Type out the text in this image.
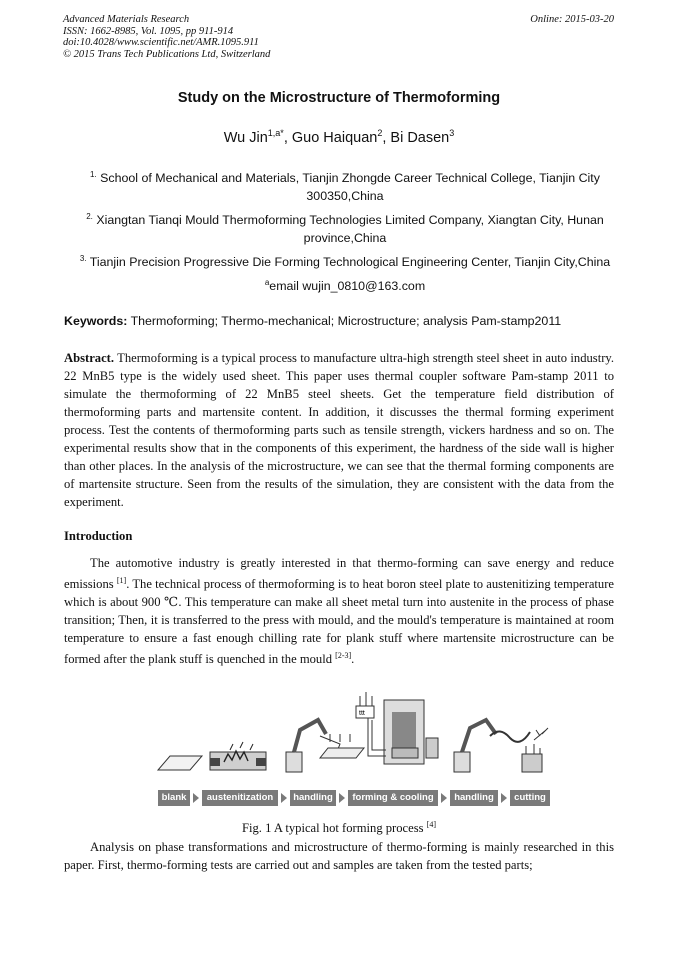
Advanced Materials Research
ISSN: 1662-8985, Vol. 1095, pp 911-914
doi:10.4028/www.scientific.net/AMR.1095.911
© 2015 Trans Tech Publications Ltd, Switzerland
Online: 2015-03-20
Study on the Microstructure of Thermoforming
Wu Jin$^{1,a*}$, Guo Haiquan$^2$, Bi Dasen$^3$
$^{1.}$ School of Mechanical and Materials, Tianjin Zhongde Career Technical College, Tianjin City 300350,China
$^{2.}$ Xiangtan Tianqi Mould Thermoforming Technologies Limited Company, Xiangtan City, Hunan province,China
$^{3.}$ Tianjin Precision Progressive Die Forming Technological Engineering Center, Tianjin City,China
$^a$email wujin_0810@163.com
Keywords: Thermoforming; Thermo-mechanical; Microstructure; analysis Pam-stamp2011
Abstract. Thermoforming is a typical process to manufacture ultra-high strength steel sheet in auto industry. 22 MnB5 type is the widely used sheet. This paper uses thermal coupler software Pam-stamp 2011 to simulate the thermoforming of 22 MnB5 steel sheets. Get the temperature field distribution of thermoforming parts and martensite content. In addition, it discusses the thermal forming experiment process. Test the contents of thermoforming parts such as tensile strength, vickers hardness and so on. The experimental results show that in the components of this experiment, the hardness of the side wall is higher than other places. In the analysis of the microstructure, we can see that the thermal forming components are of martensite structure. Seen from the results of the simulation, they are consistent with the data from the experiment.
Introduction
The automotive industry is greatly interested in that thermo-forming can save energy and reduce emissions [1]. The technical process of thermoforming is to heat boron steel plate to austenitizing temperature which is about 900 ℃. This temperature can make all sheet metal turn into austenite in the process of phase transition; Then, it is transferred to the press with mould, and the mould's temperature is maintained at room temperature to ensure a fast enough chilling rate for plank stuff where martensite microstructure can be formed after the plank stuff is quenched in the mould [2-3].
ttt
blank	austenitization	handling	forming & cooling	handling	cutting
Fig. 1 A typical hot forming process [4]
Analysis on phase transformations and microstructure of thermo-forming is mainly researched in this paper. First, thermo-forming tests are carried out and samples are taken from the tested parts;
